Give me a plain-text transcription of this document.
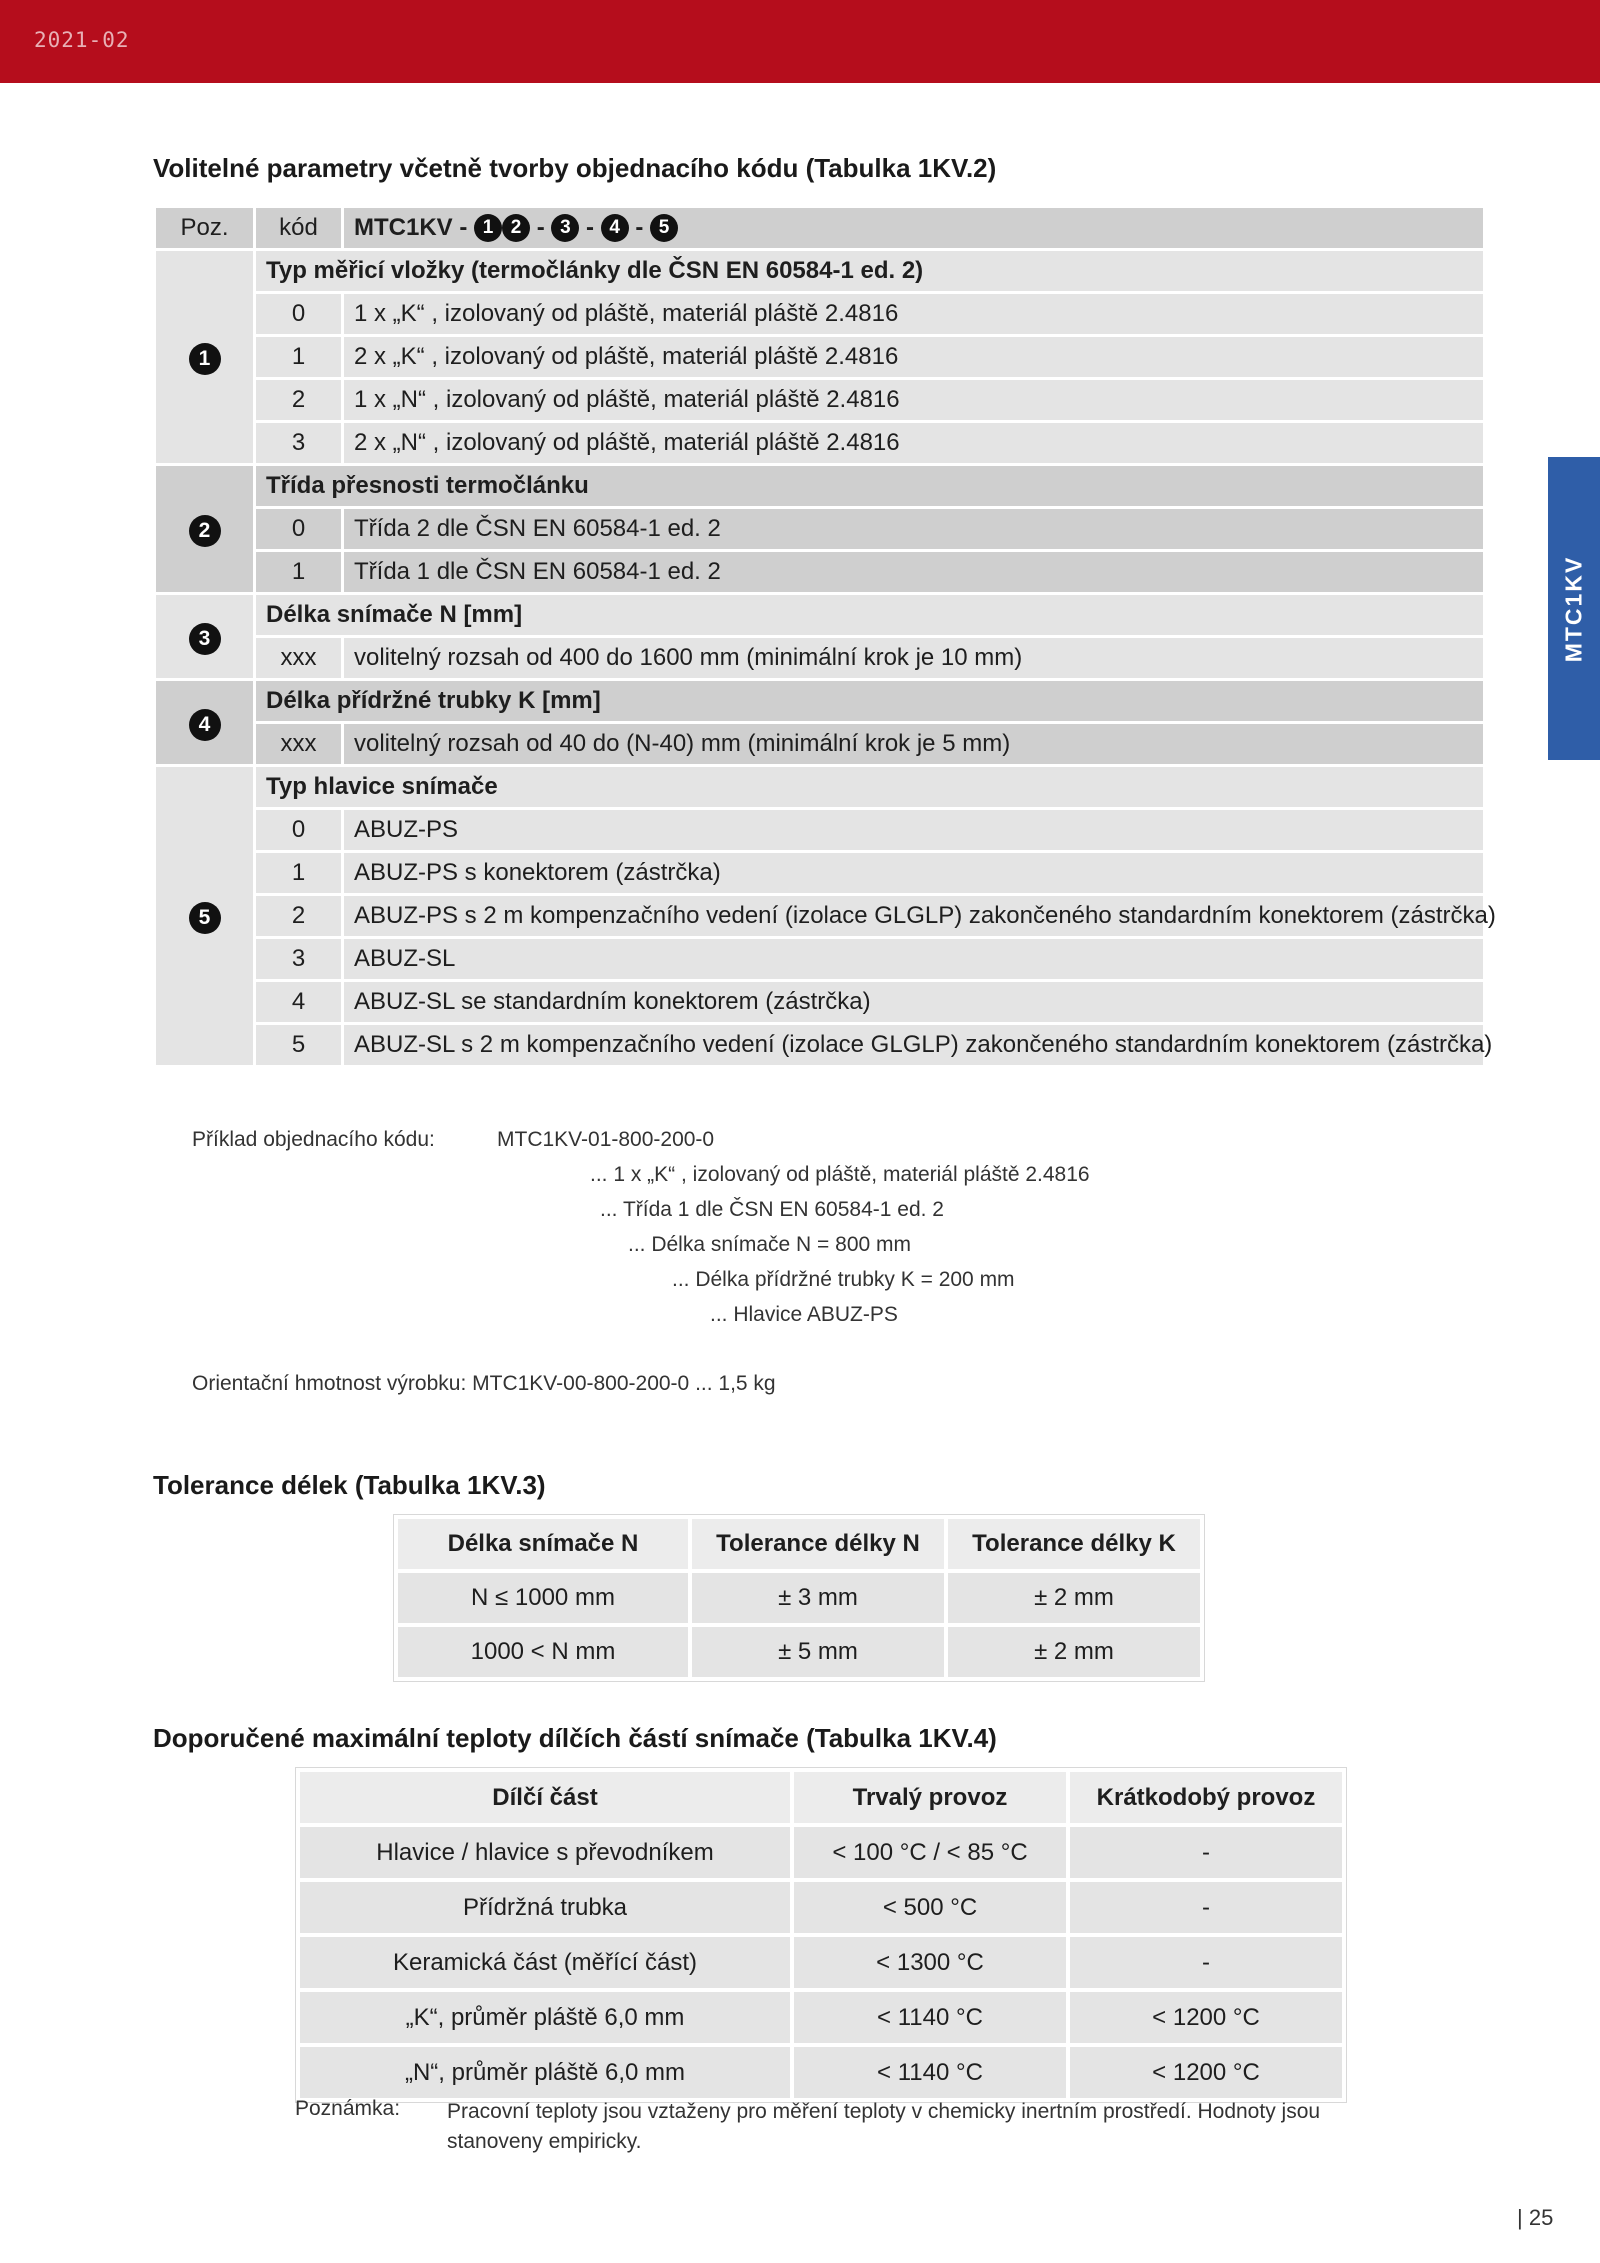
2021-02
MTC1KV
Volitelné parametry včetně tvorby objednacího kódu (Tabulka 1KV.2)
Poz.	kód	MTC1KV - 1 2 - 3 - 4 - 5
1	Typ měřicí vložky (termočlánky dle ČSN EN 60584-1 ed. 2)	
	0	1 x „K“ , izolovaný od pláště, materiál pláště 2.4816
	1	2 x „K“ , izolovaný od pláště, materiál pláště 2.4816
	2	1 x „N“ , izolovaný od pláště, materiál pláště 2.4816
	3	2 x „N“ , izolovaný od pláště, materiál pláště 2.4816
2	Třída přesnosti termočlánku	
	0	Třída 2 dle ČSN EN 60584-1 ed. 2
	1	Třída 1 dle ČSN EN 60584-1 ed. 2
3	Délka snímače N [mm]	
	xxx	volitelný rozsah od 400 do 1600 mm (minimální krok je 10 mm)
4	Délka přídržné trubky K [mm]	
	xxx	volitelný rozsah od 40 do (N-40) mm (minimální krok je 5 mm)
5	Typ hlavice snímače	
	0	ABUZ-PS
	1	ABUZ-PS s konektorem (zástrčka)
	2	ABUZ-PS s 2 m kompenzačního vedení (izolace GLGLP) zakončeného standardním konektorem (zástrčka)
	3	ABUZ-SL
	4	ABUZ-SL se standardním konektorem (zástrčka)
	5	ABUZ-SL s 2 m kompenzačního vedení (izolace GLGLP) zakončeného standardním konektorem (zástrčka)
Příklad objednacího kódu:	MTC1KV-01-800-200-0
... 1 x „K“ , izolovaný od pláště, materiál pláště 2.4816
... Třída 1 dle ČSN EN 60584-1 ed. 2
... Délka snímače N = 800 mm
... Délka přídržné trubky K = 200 mm
... Hlavice ABUZ-PS
Orientační hmotnost výrobku: MTC1KV-00-800-200-0 ... 1,5 kg
Tolerance délek (Tabulka 1KV.3)
Délka snímače N	Tolerance délky N	Tolerance délky K
N ≤ 1000 mm	± 3 mm	± 2 mm
1000 < N mm	± 5 mm	± 2 mm
Doporučené maximální teploty dílčích částí snímače (Tabulka 1KV.4)
Dílčí část	Trvalý provoz	Krátkodobý provoz
Hlavice / hlavice s převodníkem	< 100 °C / < 85 °C	-
Přídržná trubka	< 500 °C	-
Keramická část (měřící část)	< 1300 °C	-
„K“, průměr pláště 6,0 mm	< 1140 °C	< 1200 °C
„N“, průměr pláště 6,0 mm	< 1140 °C	< 1200 °C
Poznámka: Pracovní teploty jsou vztaženy pro měření teploty v chemicky inertním prostředí. Hodnoty jsou stanoveny empiricky.
| 25
